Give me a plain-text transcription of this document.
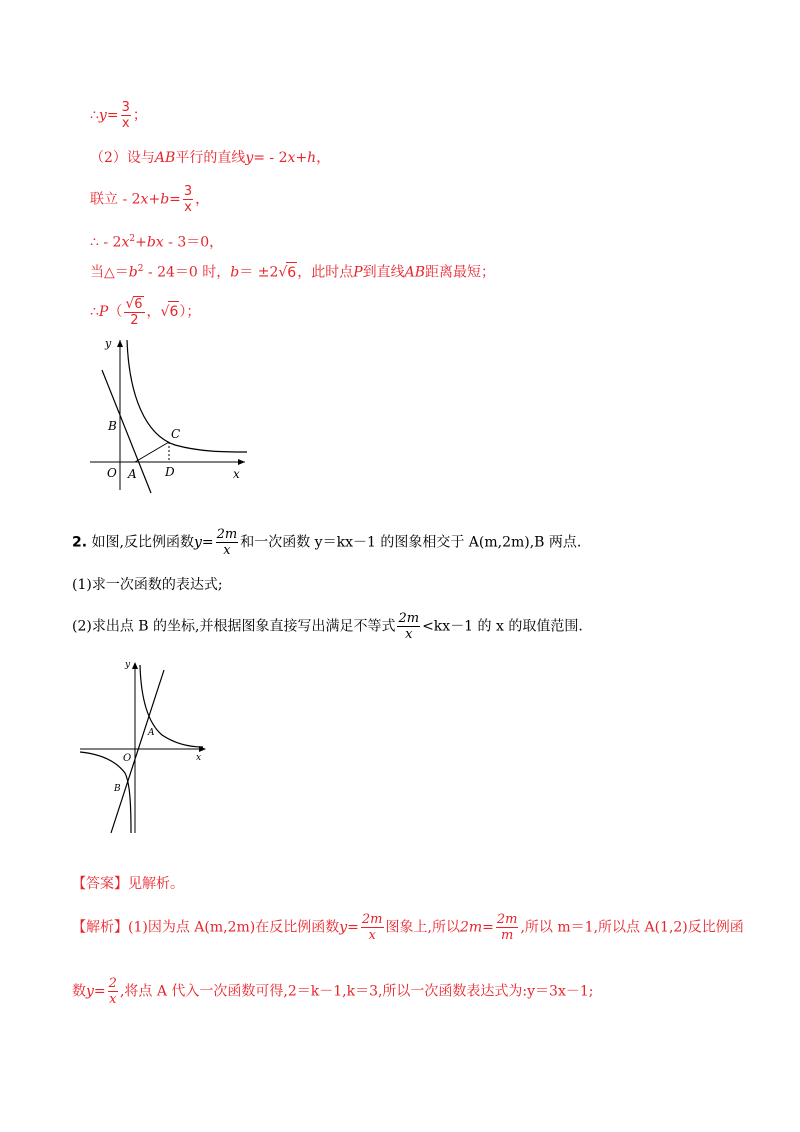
∴y= $\frac{3}{x}$ ；
（2）设与AB平行的直线y= - 2x+h，
联立 - $2x+b= \frac{3}{x}$ ，
∴ - $2x^2+bx - 3=0$，
当$\triangle=b^2 - 24=0$ 时，b＝ ±2√6，此时点P到直线AB距离最短；
∴P（ $\frac{√6}{2}$ ，√6）；
y
x
O A
B
C
D
2. 如图,反比例函数$y= \frac{2m}{x}$ 和一次函数 y＝kx－1 的图象相交于 A(m,2m),B 两点.
(1)求一次函数的表达式;
(2)求出点 B 的坐标,并根据图象直接写出满足不等式 $\frac{2m}{x} <kx-1$ 的 x 的取值范围.
y
x
O
A
B
【答案】见解析。
【解析】(1)因为点 A(m,2m)在反比例函数$y= \frac{2m}{x}$ 图象上,所以$2m= \frac{2m}{m}$ ,所以 m＝1,所以点 A(1,2)反比例函
数$y= \frac{2}{x}$ ,将点 A 代入一次函数可得,2＝k－1,k＝3,所以一次函数表达式为:y＝3x－1;
